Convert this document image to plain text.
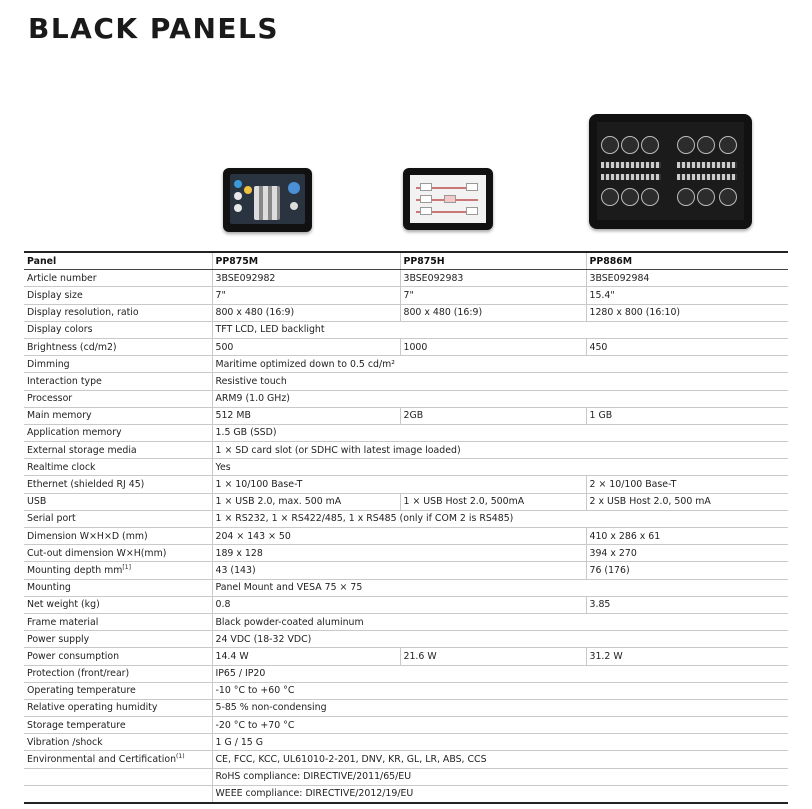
BLACK PANELS
Panel	PP875M	PP875H	PP886M
Article number	3BSE092982	3BSE092983	3BSE092984
Display size	7"	7"	15.4"
Display resolution, ratio	800 x 480 (16:9)	800 x 480 (16:9)	1280 x 800 (16:10)
Display colors	TFT LCD, LED backlight		
Brightness (cd/m2)	500	1000	450
Dimming	Maritime optimized down to 0.5 cd/m²		
Interaction type	Resistive touch		
Processor	ARM9 (1.0 GHz)		
Main memory	512 MB	2GB	1 GB
Application memory	1.5 GB (SSD)		
External storage media	1 × SD card slot (or SDHC with latest image loaded)		
Realtime clock	Yes		
Ethernet (shielded RJ 45)	1 × 10/100 Base-T		2 × 10/100 Base-T
USB	1 × USB 2.0, max. 500 mA	1 × USB Host 2.0, 500mA	2 x USB Host 2.0, 500 mA
Serial port	1 × RS232, 1 × RS422/485, 1 x RS485 (only if COM 2 is RS485)		
Dimension W×H×D (mm)	204 × 143 × 50		410 x 286 x 61
Cut-out dimension W×H(mm)	189 x 128		394 x 270
Mounting depth mm[1]	43 (143)		76 (176)
Mounting	Panel Mount and VESA 75 × 75		
Net weight (kg)	0.8		3.85
Frame material	Black powder-coated aluminum		
Power supply	24 VDC (18-32 VDC)		
Power consumption	14.4 W	21.6 W	31.2 W
Protection (front/rear)	IP65 / IP20		
Operating temperature	-10 °C to +60 °C		
Relative operating humidity	5-85 % non-condensing		
Storage temperature	-20 °C to +70 °C		
Vibration /shock	1 G / 15 G		
Environmental and Certification$^{(1)}$	CE, FCC, KCC, UL61010-2-201, DNV, KR, GL, LR, ABS, CCS		
	RoHS compliance: DIRECTIVE/2011/65/EU		
	WEEE compliance: DIRECTIVE/2012/19/EU		
